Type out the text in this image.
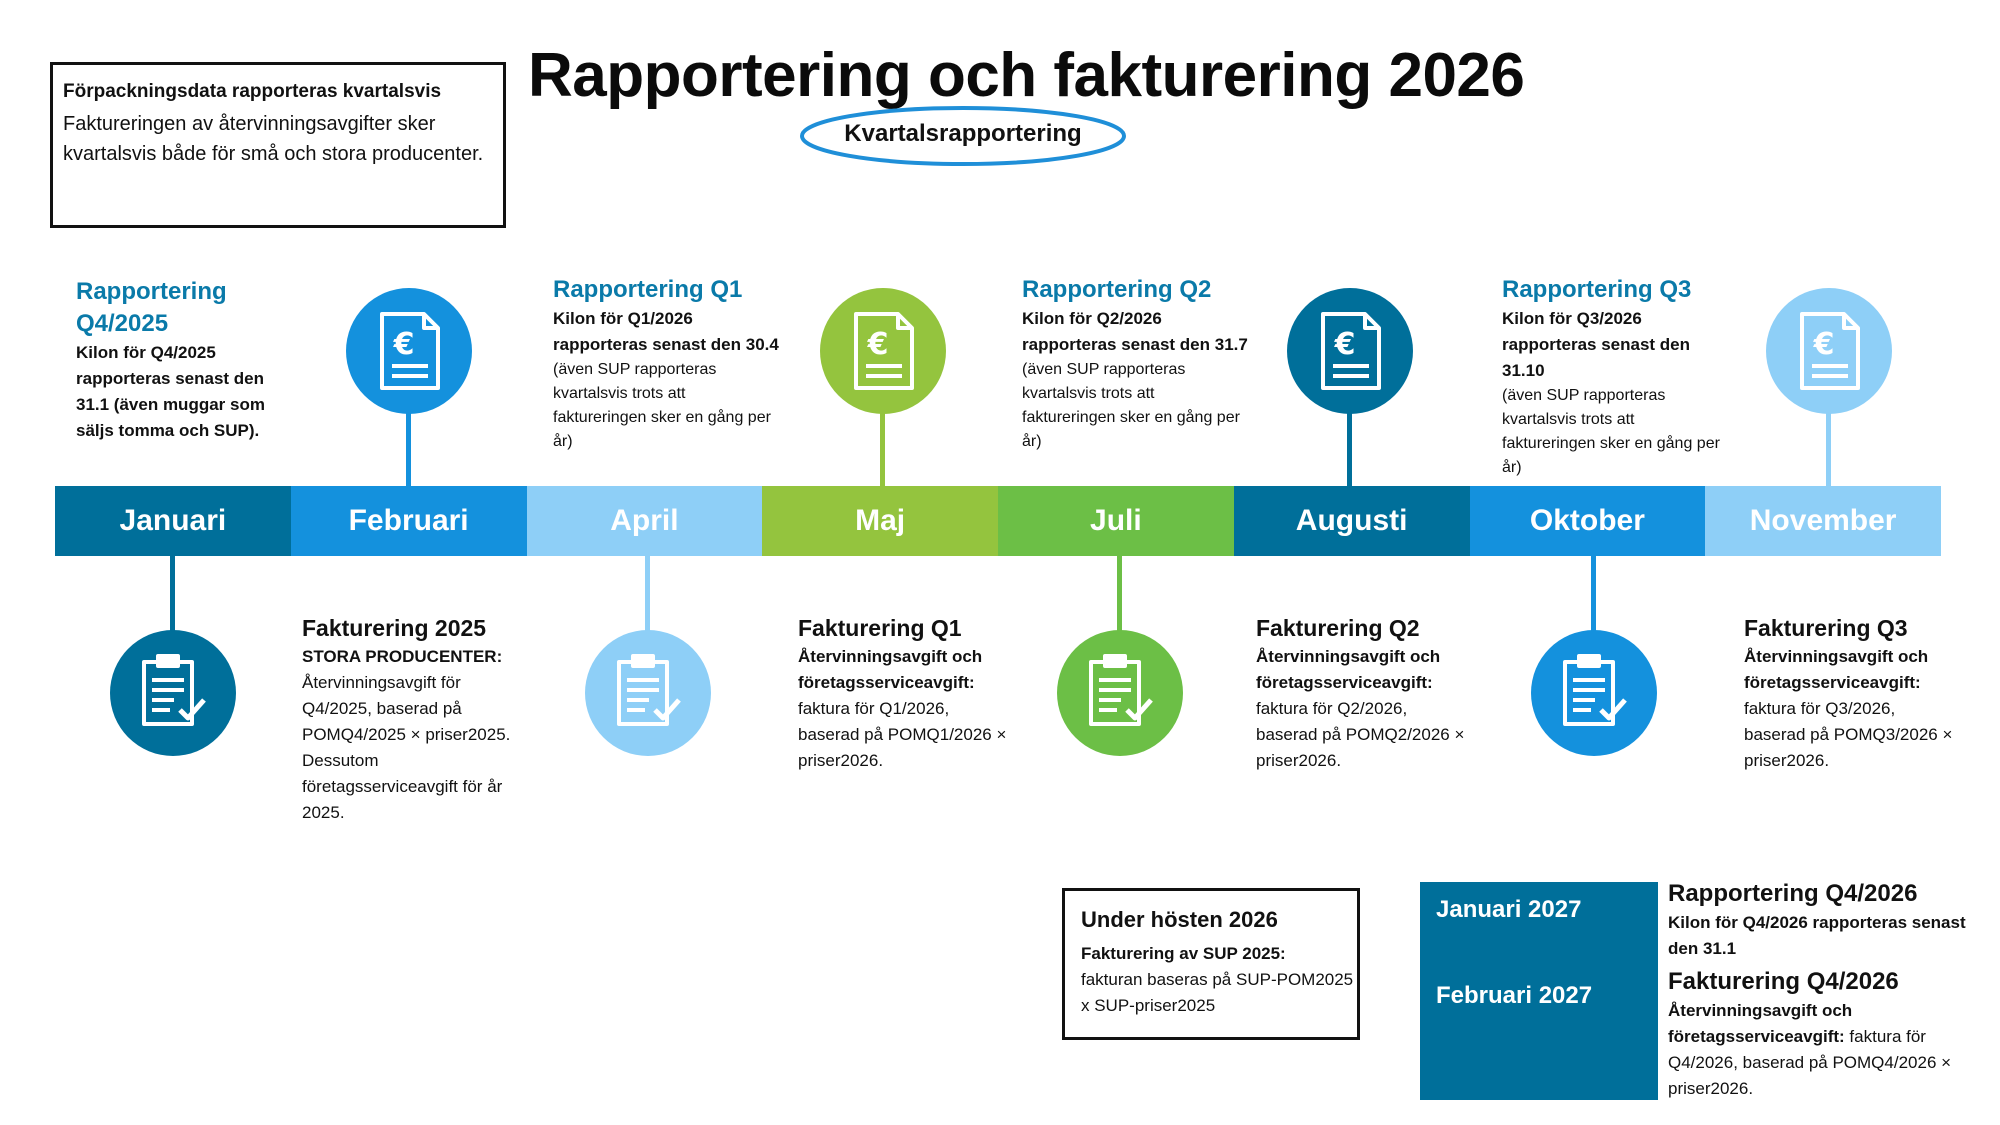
Rapportering och fakturering 2026
Kvartalsrapportering
Förpackningsdata rapporteras kvartalsvis
Faktureringen av återvinningsavgifter sker kvartalsvis både för små och stora producenter.
Rapportering Q4/2025
Kilon för Q4/2025 rapporteras senast den 31.1 (även muggar som säljs tomma och SUP).
Rapportering Q1
Kilon för Q1/2026 rapporteras senast den 30.4
(även SUP rapporteras kvartalsvis trots att faktureringen sker en gång per år)
Rapportering Q2
Kilon för Q2/2026 rapporteras senast den 31.7
(även SUP rapporteras kvartalsvis trots att faktureringen sker en gång per år)
Rapportering Q3
Kilon för Q3/2026 rapporteras senast den 31.10
(även SUP rapporteras kvartalsvis trots att faktureringen sker en gång per år)
€	€	€	€
Januari	Februari	April	Maj	Juli	Augusti	Oktober	November
Fakturering 2025
STORA PRODUCENTER:
Återvinningsavgift för Q4/2025, baserad på POMQ4/2025 × priser2025. Dessutom företagsserviceavgift för år 2025.
Fakturering Q1
Återvinningsavgift och företagsserviceavgift:
faktura för Q1/2026, baserad på POMQ1/2026 × priser2026.
Fakturering Q2
Återvinningsavgift och företagsserviceavgift:
faktura för Q2/2026, baserad på POMQ2/2026 × priser2026.
Fakturering Q3
Återvinningsavgift och företagsserviceavgift:
faktura för Q3/2026, baserad på POMQ3/2026 × priser2026.
Under hösten 2026
Fakturering av SUP 2025:
fakturan baseras på SUP-POM2025 x SUP-priser2025
Januari 2027
Februari 2027
Rapportering Q4/2026
Kilon för Q4/2026 rapporteras senast den 31.1
Fakturering Q4/2026
Återvinningsavgift och företagsserviceavgift: faktura för Q4/2026, baserad på POMQ4/2026 × priser2026.
